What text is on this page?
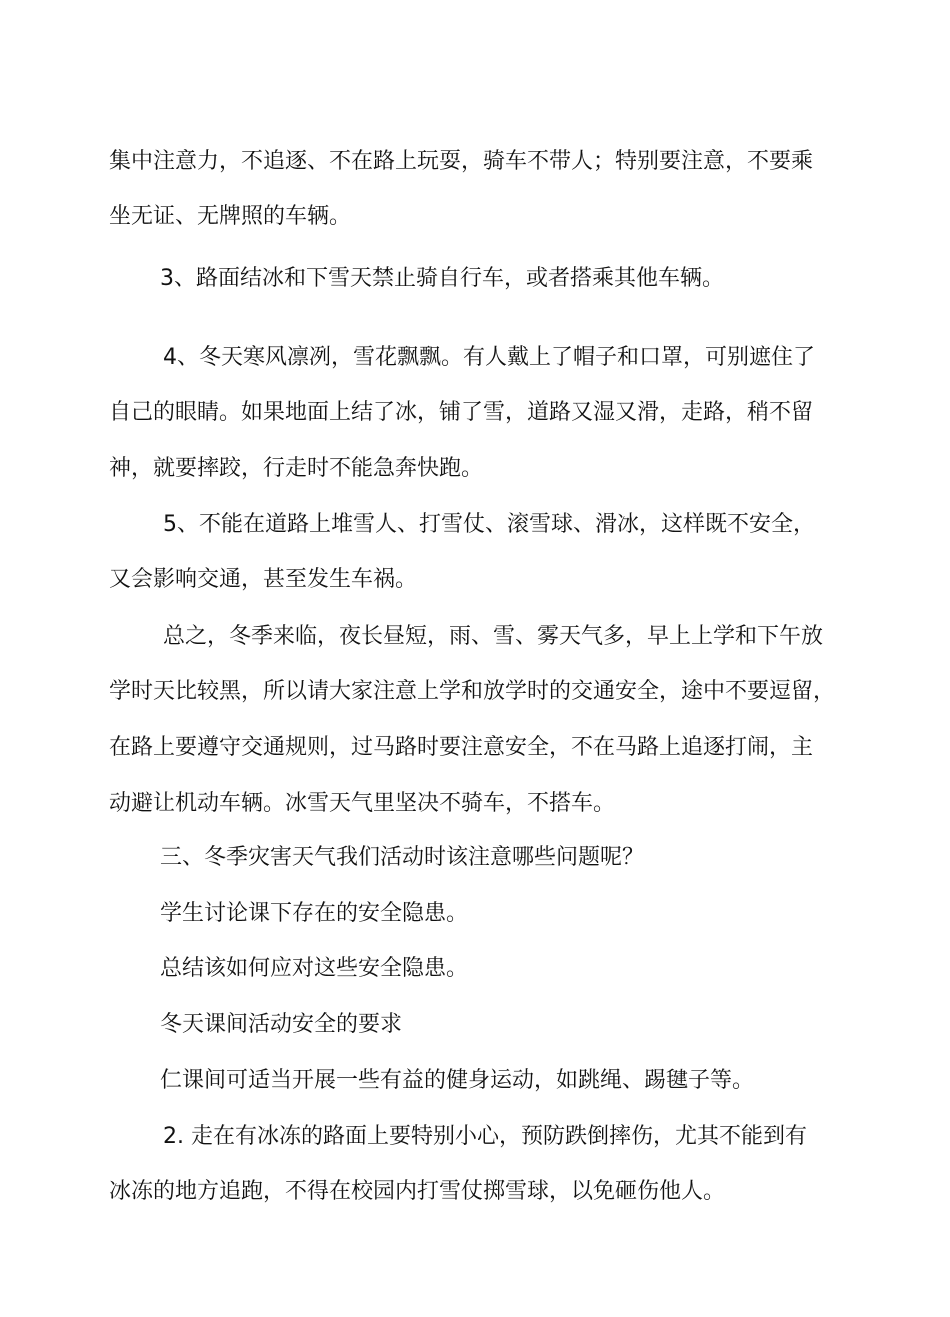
集中注意力，不追逐、不在路上玩耍，骑车不带人；特别要注意，不要乘

坐无证、无牌照的车辆。

3、路面结冰和下雪天禁止骑自行车，或者搭乘其他车辆。

4、冬天寒风凛冽，雪花飘飘。有人戴上了帽子和口罩，可别遮住了

自己的眼睛。如果地面上结了冰，铺了雪，道路又湿又滑，走路，稍不留

神，就要摔跤，行走时不能急奔快跑。

5、不能在道路上堆雪人、打雪仗、滚雪球、滑冰，这样既不安全，

又会影响交通，甚至发生车祸。

总之，冬季来临，夜长昼短，雨、雪、雾天气多，早上上学和下午放

学时天比较黑，所以请大家注意上学和放学时的交通安全，途中不要逗留，

在路上要遵守交通规则，过马路时要注意安全，不在马路上追逐打闹，主

动避让机动车辆。冰雪天气里坚决不骑车，不搭车。

三、冬季灾害天气我们活动时该注意哪些问题呢？

学生讨论课下存在的安全隐患。

总结该如何应对这些安全隐患。

冬天课间活动安全的要求

仁课间可适当开展一些有益的健身运动，如跳绳、踢毽子等。

2. 走在有冰冻的路面上要特别小心，预防跌倒摔伤，尤其不能到有

冰冻的地方追跑，不得在校园内打雪仗掷雪球，以免砸伤他人。
